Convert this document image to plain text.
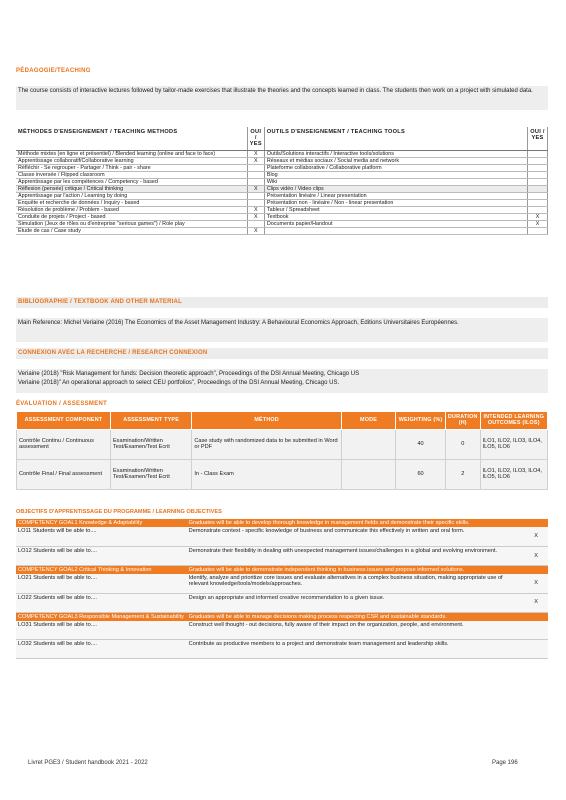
PÉDAGOGIE/TEACHING

The course consists of interactive lectures followed by tailor-made exercises that illustrate the theories and the concepts learned in class. The students then work on a project with simulated data.

MÉTHODES D'ENSEIGNEMENT / TEACHING METHODS	OUI / YES	OUTILS D'ENSEIGNEMENT / TEACHING TOOLS	OUI / YES
Méthode mixtes (en ligne et présentiel) / Blended learning (online and face to face)	X	Outils/Solutions interactifs / Interactive tools/solutions	
Apprentissage collaboratif/Collaborative learning	X	Réseaux et médias sociaux / Social media and network	
Réfléchir - Se regrouper - Partager / Think - pair - share		Plateforme collaborative / Collaborative platform	
Classe inversée / Flipped classroom		Blog	
Apprentissage par les compétences / Competency - based		Wiki	
Réflexion (pensée) critique / Critical thinking	X	Clips vidéo / Video clips	
Apprentissage par l'action / Learning by doing		Présentation linéaire / Linear presentation	
Enquête et recherche de données / Inquiry - based		Présentation non - linéaire / Non - linear presentation	
Résolution de problème / Problem - based	X	Tableur / Spreadsheet	
Conduite de projets / Project - based	X	Textbook	X
Simulation (Jeux de rôles ou d'entreprise "serious games") / Role play		Documents papier/Handout	X
Étude de cas / Case study	X		
BIBLIOGRAPHIE / TEXTBOOK AND OTHER MATERIAL

Main Reference: Michel Veriaine (2016) The Economics of the Asset Management Industry: A Behavioural Economics Approach, Editions Universitaires Européennes.

CONNEXION AVEC LA RECHERCHE / RESEARCH CONNEXION

Veriaine (2018) "Risk Management for funds: Decision theoretic approach", Proceedings of the DSI Annual Meeting, Chicago US

Veriaine (2018)" An operational approach to select CEU portfolios", Proceedings of the DSI Annual Meeting, Chicago US.

ÉVALUATION / ASSESSMENT
ASSESSMENT COMPONENT	ASSESSMENT TYPE	MÉTHOD	MODE	WEIGHTING (%)	DURATION (H)	INTENDED LEARNING OUTCOMES (ILOS)
Contrôle Continu / Continuous assessment	Examination/Written Test/Examen/Test Ecrit	Case study with randomized data to be submitted in Word or PDF		40	0	ILO1, ILO2, ILO3, ILO4, ILO5, ILO6
Contrôle Final / Final assessment	Examination/Written Test/Examen/Test Ecrit	In - Class Exam		60	2	ILO1, ILO2, ILO3, ILO4, ILO5, ILO6
OBJECTIFS D'APPRENTISSAGE DU PROGRAMME / LEARNING OBJECTIVES
COMPETENCY GOAL1 Knowledge & Adaptability	Graduates will be able to develop thorough knowledge in management fields and demonstrate their specific skills.	
LO11 Students will be able to....	Demonstrate context - specific knowledge of business and communicate this effectively in written and oral form.	X
LO12 Students will be able to....	Demonstrate their flexibility in dealing with unexpected management issues/challenges in a global and evolving environment.	X
COMPETENCY GOAL2 Critical Thinking & Innovation	Graduates will be able to demonstrate independent thinking in business issues and propose informed solutions.	
LO21 Students will be able to....	Identify, analyze and prioritize core issues and evaluate alternatives in a complex business situation, making appropriate use of relevant knowledge/tools/models/approaches.	X
LO22 Students will be able to....	Design an appropriate and informed creative recommendation to a given issue.	X
COMPETENCY GOAL3 Responsible Management & Sustainability	Graduates will be able to manage decisions making process respecting CSR and sustainable standards.	
LO31 Students will be able to....	Construct well thought - out decisions, fully aware of their impact on the organization, people, and environment.	
LO32 Students will be able to....	Contribute as productive members to a project and demonstrate team management and leadership skills.	
Livret PGE3 / Student handbook 2021 - 2022	Page 196
